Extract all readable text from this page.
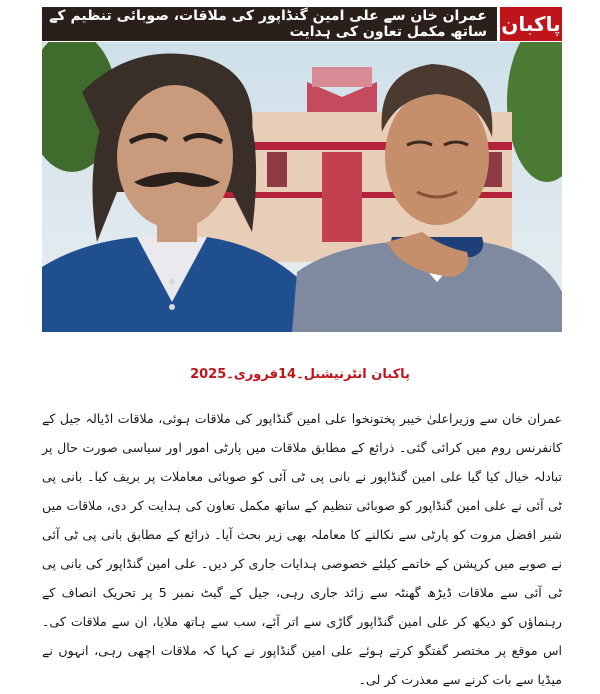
عمران خان سے علی امین گنڈاپور کی ملاقات، صوبائی تنظیم کے ساتھ مکمل تعاون کی ہدایت پاکبان
پاکبان انٹرنیشنل۔14فروری۔2025

عمران خان سے وزیراعلیٰ خیبر پختونخوا علی امین گنڈاپور کی ملاقات ہوئی، ملاقات اڈیالہ جیل کے کانفرنس روم میں کرائی گئی۔ ذرائع کے مطابق ملاقات میں پارٹی امور اور سیاسی صورت حال پر تبادلہ خیال کیا گیا علی امین گنڈاپور نے بانی پی ٹی آئی کو صوبائی معاملات پر بریف کیا۔ بانی پی ٹی آئی نے علی امین گنڈاپور کو صوبائی تنظیم کے ساتھ مکمل تعاون کی ہدایت کر دی، ملاقات میں شیر افضل مروت کو پارٹی سے نکالنے کا معاملہ بھی زیر بحث آیا۔ ذرائع کے مطابق بانی پی ٹی آئی نے صوبے میں کرپشن کے خاتمے کیلئے خصوصی ہدایات جاری کر دیں۔ علی امین گنڈاپور کی بانی پی ٹی آئی سے ملاقات ڈیڑھ گھنٹہ سے زائد جاری رہی، جیل کے گیٹ نمبر 5 پر تحریک انصاف کے رہنماؤں کو دیکھ کر علی امین گنڈاپور گاڑی سے اتر آئے، سب سے ہاتھ ملایا، ان سے ملاقات کی۔ اس موقع پر مختصر گفتگو کرتے ہوئے علی امین گنڈاپور نے کہا کہ ملاقات اچھی رہی، انہوں نے میڈیا سے بات کرنے سے معذرت کر لی۔
